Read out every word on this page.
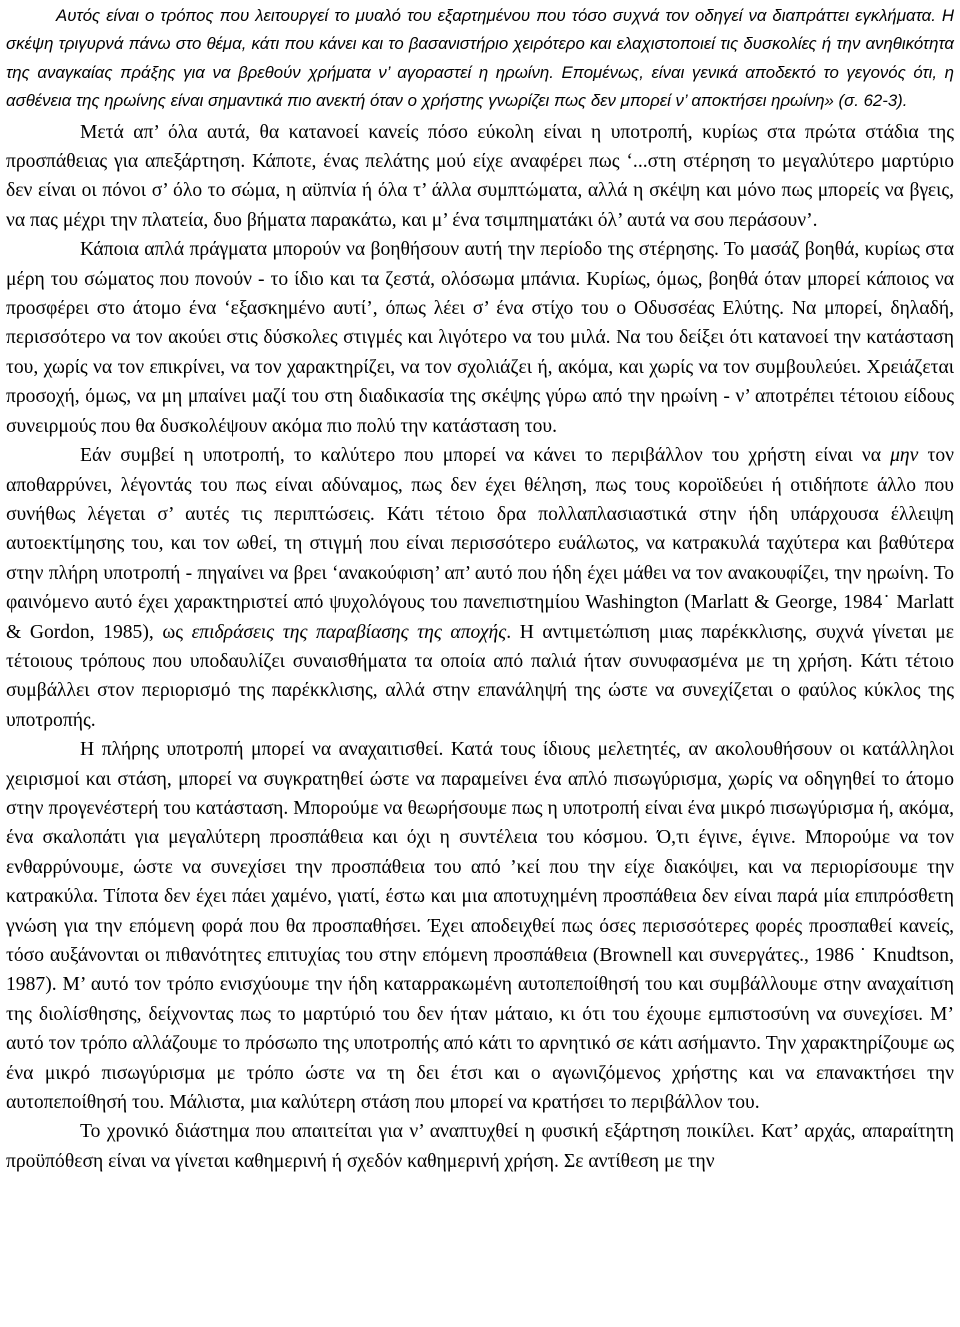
Αυτός είναι ο τρόπος που λειτουργεί το μυαλό του εξαρτημένου που τόσο συχνά τον οδηγεί να διαπράττει εγκλήματα. Η σκέψη τριγυρνά πάνω στο θέμα, κάτι που κάνει και το βασανιστήριο χειρότερο και ελαχιστοποιεί τις δυσκολίες ή την ανηθικότητα της αναγκαίας πράξης για να βρεθούν χρήματα ν’ αγοραστεί η ηρωίνη. Επομένως, είναι γενικά αποδεκτό το γεγονός ότι, η ασθένεια της ηρωίνης είναι σημαντικά πιο ανεκτή όταν ο χρήστης γνωρίζει πως δεν μπορεί ν’ αποκτήσει ηρωίνη» (σ. 62-3).

Μετά απ’ όλα αυτά, θα κατανοεί κανείς πόσο εύκολη είναι η υποτροπή, κυρίως στα πρώτα στάδια της προσπάθειας για απεξάρτηση. Κάποτε, ένας πελάτης μού είχε αναφέρει πως ‘...στη στέρηση το μεγαλύτερο μαρτύριο δεν είναι οι πόνοι σ’ όλο το σώμα, η αϋπνία ή όλα τ’ άλλα συμπτώματα, αλλά η σκέψη και μόνο πως μπορείς να βγεις, να πας μέχρι την πλατεία, δυο βήματα παρακάτω, και μ’ ένα τσιμπηματάκι όλ’ αυτά να σου περάσουν’.

Κάποια απλά πράγματα μπορούν να βοηθήσουν αυτή την περίοδο της στέρησης. Το μασάζ βοηθά, κυρίως στα μέρη του σώματος που πονούν - το ίδιο και τα ζεστά, ολόσωμα μπάνια. Κυρίως, όμως, βοηθά όταν μπορεί κάποιος να προσφέρει στο άτομο ένα ‘εξασκημένο αυτί’, όπως λέει σ’ ένα στίχο του ο Οδυσσέας Ελύτης. Να μπορεί, δηλαδή, περισσότερο να τον ακούει στις δύσκολες στιγμές και λιγότερο να του μιλά. Να του δείξει ότι κατανοεί την κατάσταση του, χωρίς να τον επικρίνει, να τον χαρακτηρίζει, να τον σχολιάζει ή, ακόμα, και χωρίς να τον συμβουλεύει. Χρειάζεται προσοχή, όμως, να μη μπαίνει μαζί του στη διαδικασία της σκέψης γύρω από την ηρωίνη - ν’ αποτρέπει τέτοιου είδους συνειρμούς που θα δυσκολέψουν ακόμα πιο πολύ την κατάσταση του.

Εάν συμβεί η υποτροπή, το καλύτερο που μπορεί να κάνει το περιβάλλον του χρήστη είναι να μην τον αποθαρρύνει, λέγοντάς του πως είναι αδύναμος, πως δεν έχει θέληση, πως τους κοροϊδεύει ή οτιδήποτε άλλο που συνήθως λέγεται σ’ αυτές τις περιπτώσεις. Κάτι τέτοιο δρα πολλαπλασιαστικά στην ήδη υπάρχουσα έλλειψη αυτοεκτίμησης του, και τον ωθεί, τη στιγμή που είναι περισσότερο ευάλωτος, να κατρακυλά ταχύτερα και βαθύτερα στην πλήρη υποτροπή - πηγαίνει να βρει ‘ανακούφιση’ απ’ αυτό που ήδη έχει μάθει να τον ανακουφίζει, την ηρωίνη. Το φαινόμενο αυτό έχει χαρακτηριστεί από ψυχολόγους του πανεπιστημίου Washington (Marlatt & George, 1984˙ Marlatt & Gordon, 1985), ως επιδράσεις της παραβίασης της αποχής. Η αντιμετώπιση μιας παρέκκλισης, συχνά γίνεται με τέτοιους τρόπους που υποδαυλίζει συναισθήματα τα οποία από παλιά ήταν συνυφασμένα με τη χρήση. Κάτι τέτοιο συμβάλλει στον περιορισμό της παρέκκλισης, αλλά στην επανάληψή της ώστε να συνεχίζεται ο φαύλος κύκλος της υποτροπής.

Η πλήρης υποτροπή μπορεί να αναχαιτισθεί. Κατά τους ίδιους μελετητές, αν ακολουθήσουν οι κατάλληλοι χειρισμοί και στάση, μπορεί να συγκρατηθεί ώστε να παραμείνει ένα απλό πισωγύρισμα, χωρίς να οδηγηθεί το άτομο στην προγενέστερή του κατάσταση. Μπορούμε να θεωρήσουμε πως η υποτροπή είναι ένα μικρό πισωγύρισμα ή, ακόμα, ένα σκαλοπάτι για μεγαλύτερη προσπάθεια και όχι η συντέλεια του κόσμου. Ό,τι έγινε, έγινε. Μπορούμε να τον ενθαρρύνουμε, ώστε να συνεχίσει την προσπάθεια του από ’κεί που την είχε διακόψει, και να περιορίσουμε την κατρακύλα. Τίποτα δεν έχει πάει χαμένο, γιατί, έστω και μια αποτυχημένη προσπάθεια δεν είναι παρά μία επιπρόσθετη γνώση για την επόμενη φορά που θα προσπαθήσει. Έχει αποδειχθεί πως όσες περισσότερες φορές προσπαθεί κανείς, τόσο αυξάνονται οι πιθανότητες επιτυχίας του στην επόμενη προσπάθεια (Brownell και συνεργάτες., 1986 ˙ Knudtson, 1987). Μ’ αυτό τον τρόπο ενισχύουμε την ήδη καταρρακωμένη αυτοπεποίθησή του και συμβάλλουμε στην αναχαίτιση της διολίσθησης, δείχνοντας πως το μαρτύριό του δεν ήταν μάταιο, κι ότι του έχουμε εμπιστοσύνη να συνεχίσει. Μ’ αυτό τον τρόπο αλλάζουμε το πρόσωπο της υποτροπής από κάτι το αρνητικό σε κάτι ασήμαντο. Την χαρακτηρίζουμε ως ένα μικρό πισωγύρισμα με τρόπο ώστε να τη δει έτσι και ο αγωνιζόμενος χρήστης και να επανακτήσει την αυτοπεποίθησή του. Μάλιστα, μια καλύτερη στάση που μπορεί να κρατήσει το περιβάλλον του.

Το χρονικό διάστημα που απαιτείται για ν’ αναπτυχθεί η φυσική εξάρτηση ποικίλει. Κατ’ αρχάς, απαραίτητη προϋπόθεση είναι να γίνεται καθημερινή ή σχεδόν καθημερινή χρήση. Σε αντίθεση με την
